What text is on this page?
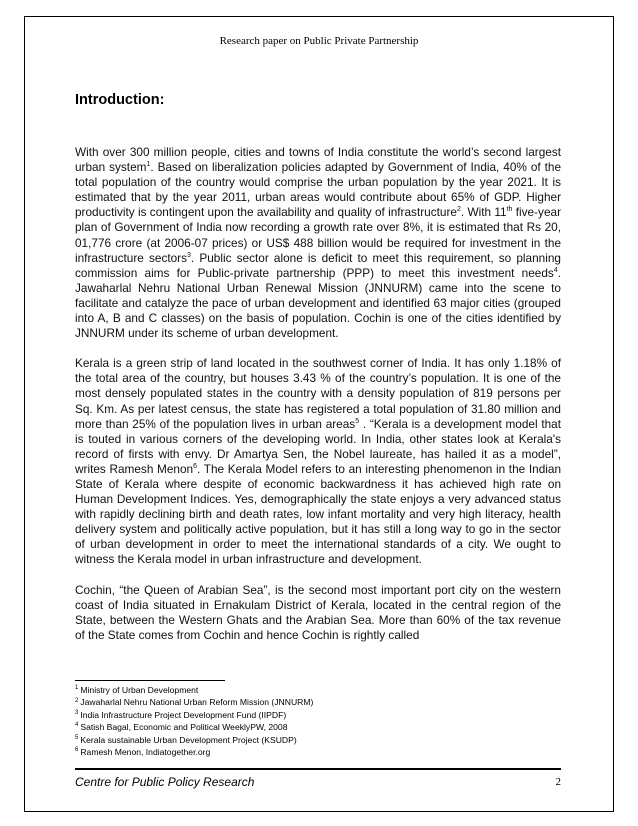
Research paper on Public Private Partnership
Introduction:

With over 300 million people, cities and towns of India constitute the world’s second largest urban system$^1$. Based on liberalization policies adapted by Government of India, 40% of the total population of the country would comprise the urban population by the year 2021. It is estimated that by the year 2011, urban areas would contribute about 65% of GDP. Higher productivity is contingent upon the availability and quality of infrastructure$^2$. With 11th five-year plan of Government of India now recording a growth rate over 8%, it is estimated that Rs 20, 01,776 crore (at 2006-07 prices) or US$ 488 billion would be required for investment in the infrastructure sectors$^3$. Public sector alone is deficit to meet this requirement, so planning commission aims for Public-private partnership (PPP) to meet this investment needs$^4$. Jawaharlal Nehru National Urban Renewal Mission (JNNURM) came into the scene to facilitate and catalyze the pace of urban development and identified 63 major cities (grouped into A, B and C classes) on the basis of population. Cochin is one of the cities identified by JNNURM under its scheme of urban development.

Kerala is a green strip of land located in the southwest corner of India. It has only 1.18% of the total area of the country, but houses 3.43 % of the country’s population. It is one of the most densely populated states in the country with a density population of 819 persons per Sq. Km. As per latest census, the state has registered a total population of 31.80 million and more than 25% of the population lives in urban areas$^5$ . “Kerala is a development model that is touted in various corners of the developing world. In India, other states look at Kerala's record of firsts with envy. Dr Amartya Sen, the Nobel laureate, has hailed it as a model”, writes Ramesh Menon$^6$. The Kerala Model refers to an interesting phenomenon in the Indian State of Kerala where despite of economic backwardness it has achieved high rate on Human Development Indices. Yes, demographically the state enjoys a very advanced status with rapidly declining birth and death rates, low infant mortality and very high literacy, health delivery system and politically active population, but it has still a long way to go in the sector of urban development in order to meet the international standards of a city. We ought to witness the Kerala model in urban infrastructure and development.

Cochin, “the Queen of Arabian Sea”, is the second most important port city on the western coast of India situated in Ernakulam District of Kerala, located in the central region of the State, between the Western Ghats and the Arabian Sea. More than 60% of the tax revenue of the State comes from Cochin and hence Cochin is rightly called

$^1$ Ministry of Urban Development
$^2$ Jawaharlal Nehru National Urban Reform Mission (JNNURM)
$^3$ India Infrastructure Project Development Fund (IIPDF)
$^4$ Satish Bagal, Economic and Political WeeklyPW, 2008
$^5$ Kerala sustainable Urban Development Project (KSUDP)
$^6$ Ramesh Menon, Indiatogether.org
Centre for Public Policy Research	2
